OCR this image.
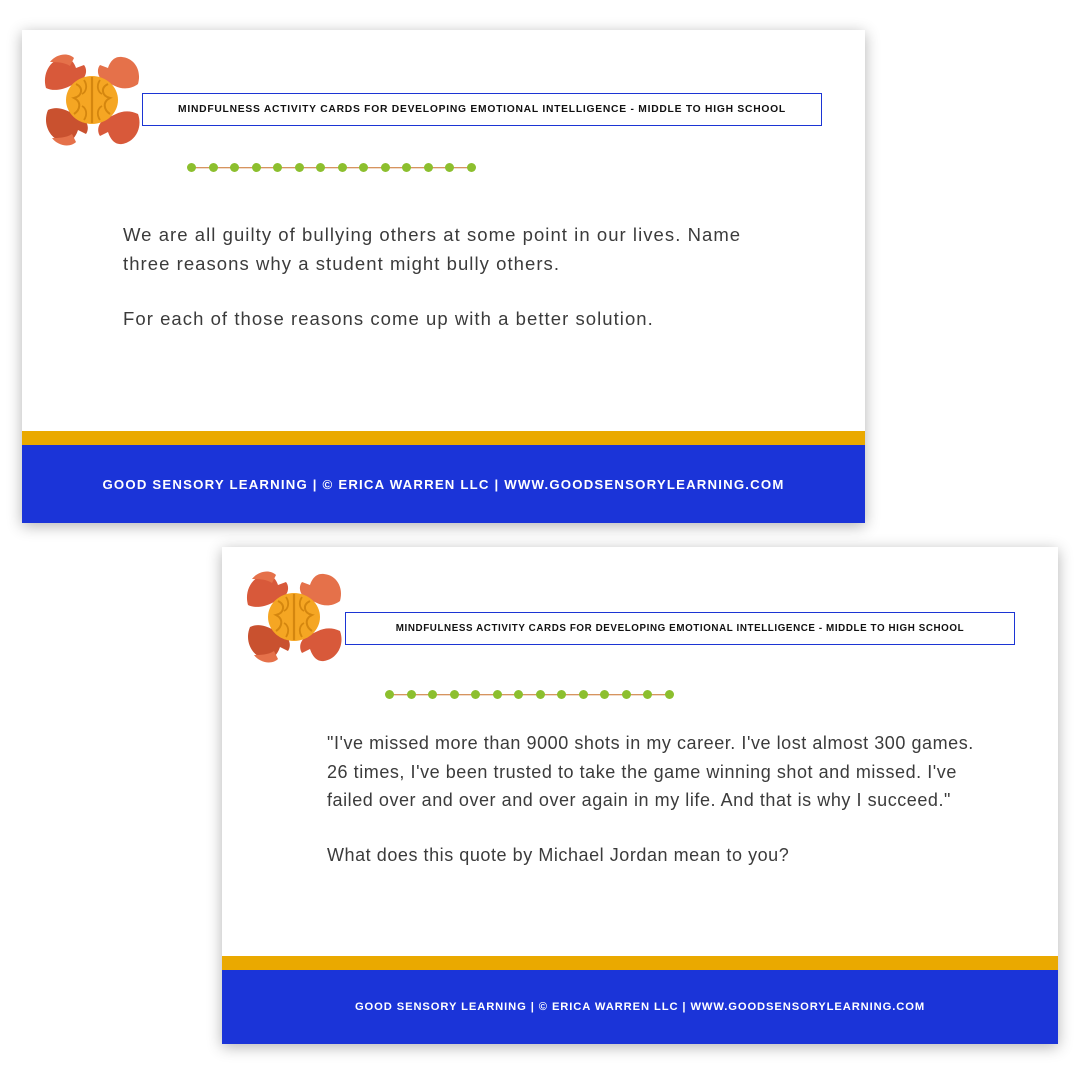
MINDFULNESS ACTIVITY CARDS FOR DEVELOPING EMOTIONAL INTELLIGENCE - MIDDLE TO HIGH SCHOOL

We are all guilty of bullying others at some point in our lives. Name three reasons why a student might bully others.

For each of those reasons come up with a better solution.

GOOD SENSORY LEARNING | © ERICA WARREN LLC | WWW.GOODSENSORYLEARNING.COM
MINDFULNESS ACTIVITY CARDS FOR DEVELOPING EMOTIONAL INTELLIGENCE - MIDDLE TO HIGH SCHOOL

"I've missed more than 9000 shots in my career. I've lost almost 300 games. 26 times, I've been trusted to take the game winning shot and missed. I've failed over and over and over again in my life. And that is why I succeed."

What does this quote by Michael Jordan mean to you?

GOOD SENSORY LEARNING | © ERICA WARREN LLC | WWW.GOODSENSORYLEARNING.COM
